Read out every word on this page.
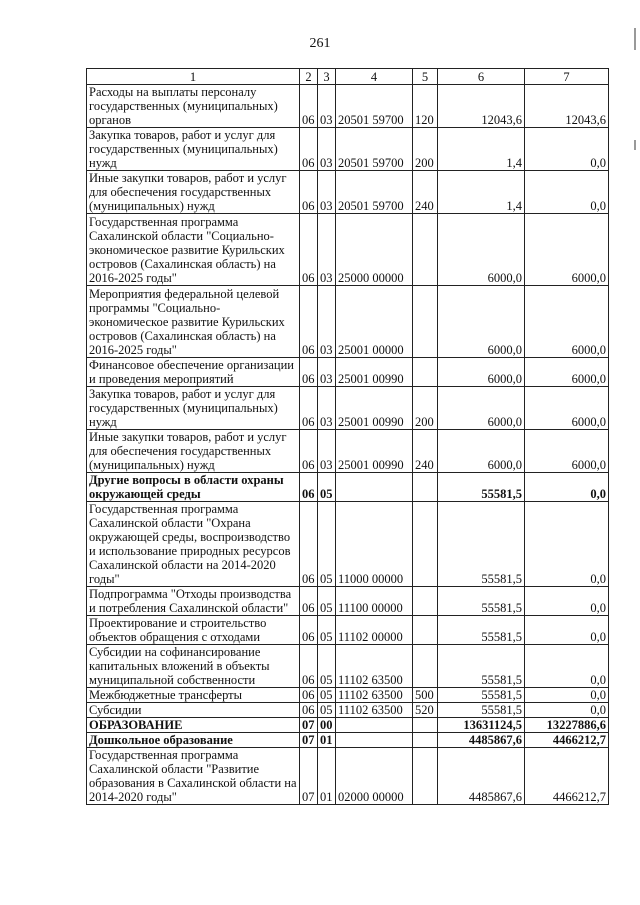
261
1	2	3	4	5	6	7
Расходы на выплаты персоналу государственных (муниципальных) органов	06	03	20501 59700	120	12043,6	12043,6
Закупка товаров, работ и услуг для государственных (муниципальных) нужд	06	03	20501 59700	200	1,4	0,0
Иные закупки товаров, работ и услуг для обеспечения государственных (муниципальных) нужд	06	03	20501 59700	240	1,4	0,0
Государственная программа Сахалинской области "Социально-экономическое развитие Курильских островов (Сахалинская область) на 2016-2025 годы"	06	03	25000 00000		6000,0	6000,0
Мероприятия федеральной целевой программы "Социально-экономическое развитие Курильских островов (Сахалинская область) на 2016-2025 годы"	06	03	25001 00000		6000,0	6000,0
Финансовое обеспечение организации и проведения мероприятий	06	03	25001 00990		6000,0	6000,0
Закупка товаров, работ и услуг для государственных (муниципальных) нужд	06	03	25001 00990	200	6000,0	6000,0
Иные закупки товаров, работ и услуг для обеспечения государственных (муниципальных) нужд	06	03	25001 00990	240	6000,0	6000,0
Другие вопросы в области охраны окружающей среды	06	05			55581,5	0,0
Государственная программа Сахалинской области "Охрана окружающей среды, воспроизводство и использование природных ресурсов Сахалинской области на 2014-2020 годы"	06	05	11000 00000		55581,5	0,0
Подпрограмма "Отходы производства и потребления Сахалинской области"	06	05	11100 00000		55581,5	0,0
Проектирование и строительство объектов обращения с отходами	06	05	11102 00000		55581,5	0,0
Субсидии на софинансирование капитальных вложений в объекты муниципальной собственности	06	05	11102 63500		55581,5	0,0
Межбюджетные трансферты	06	05	11102 63500	500	55581,5	0,0
Субсидии	06	05	11102 63500	520	55581,5	0,0
ОБРАЗОВАНИЕ	07	00			13631124,5	13227886,6
Дошкольное образование	07	01			4485867,6	4466212,7
Государственная программа Сахалинской области "Развитие образования в Сахалинской области на 2014-2020 годы"	07	01	02000 00000		4485867,6	4466212,7
